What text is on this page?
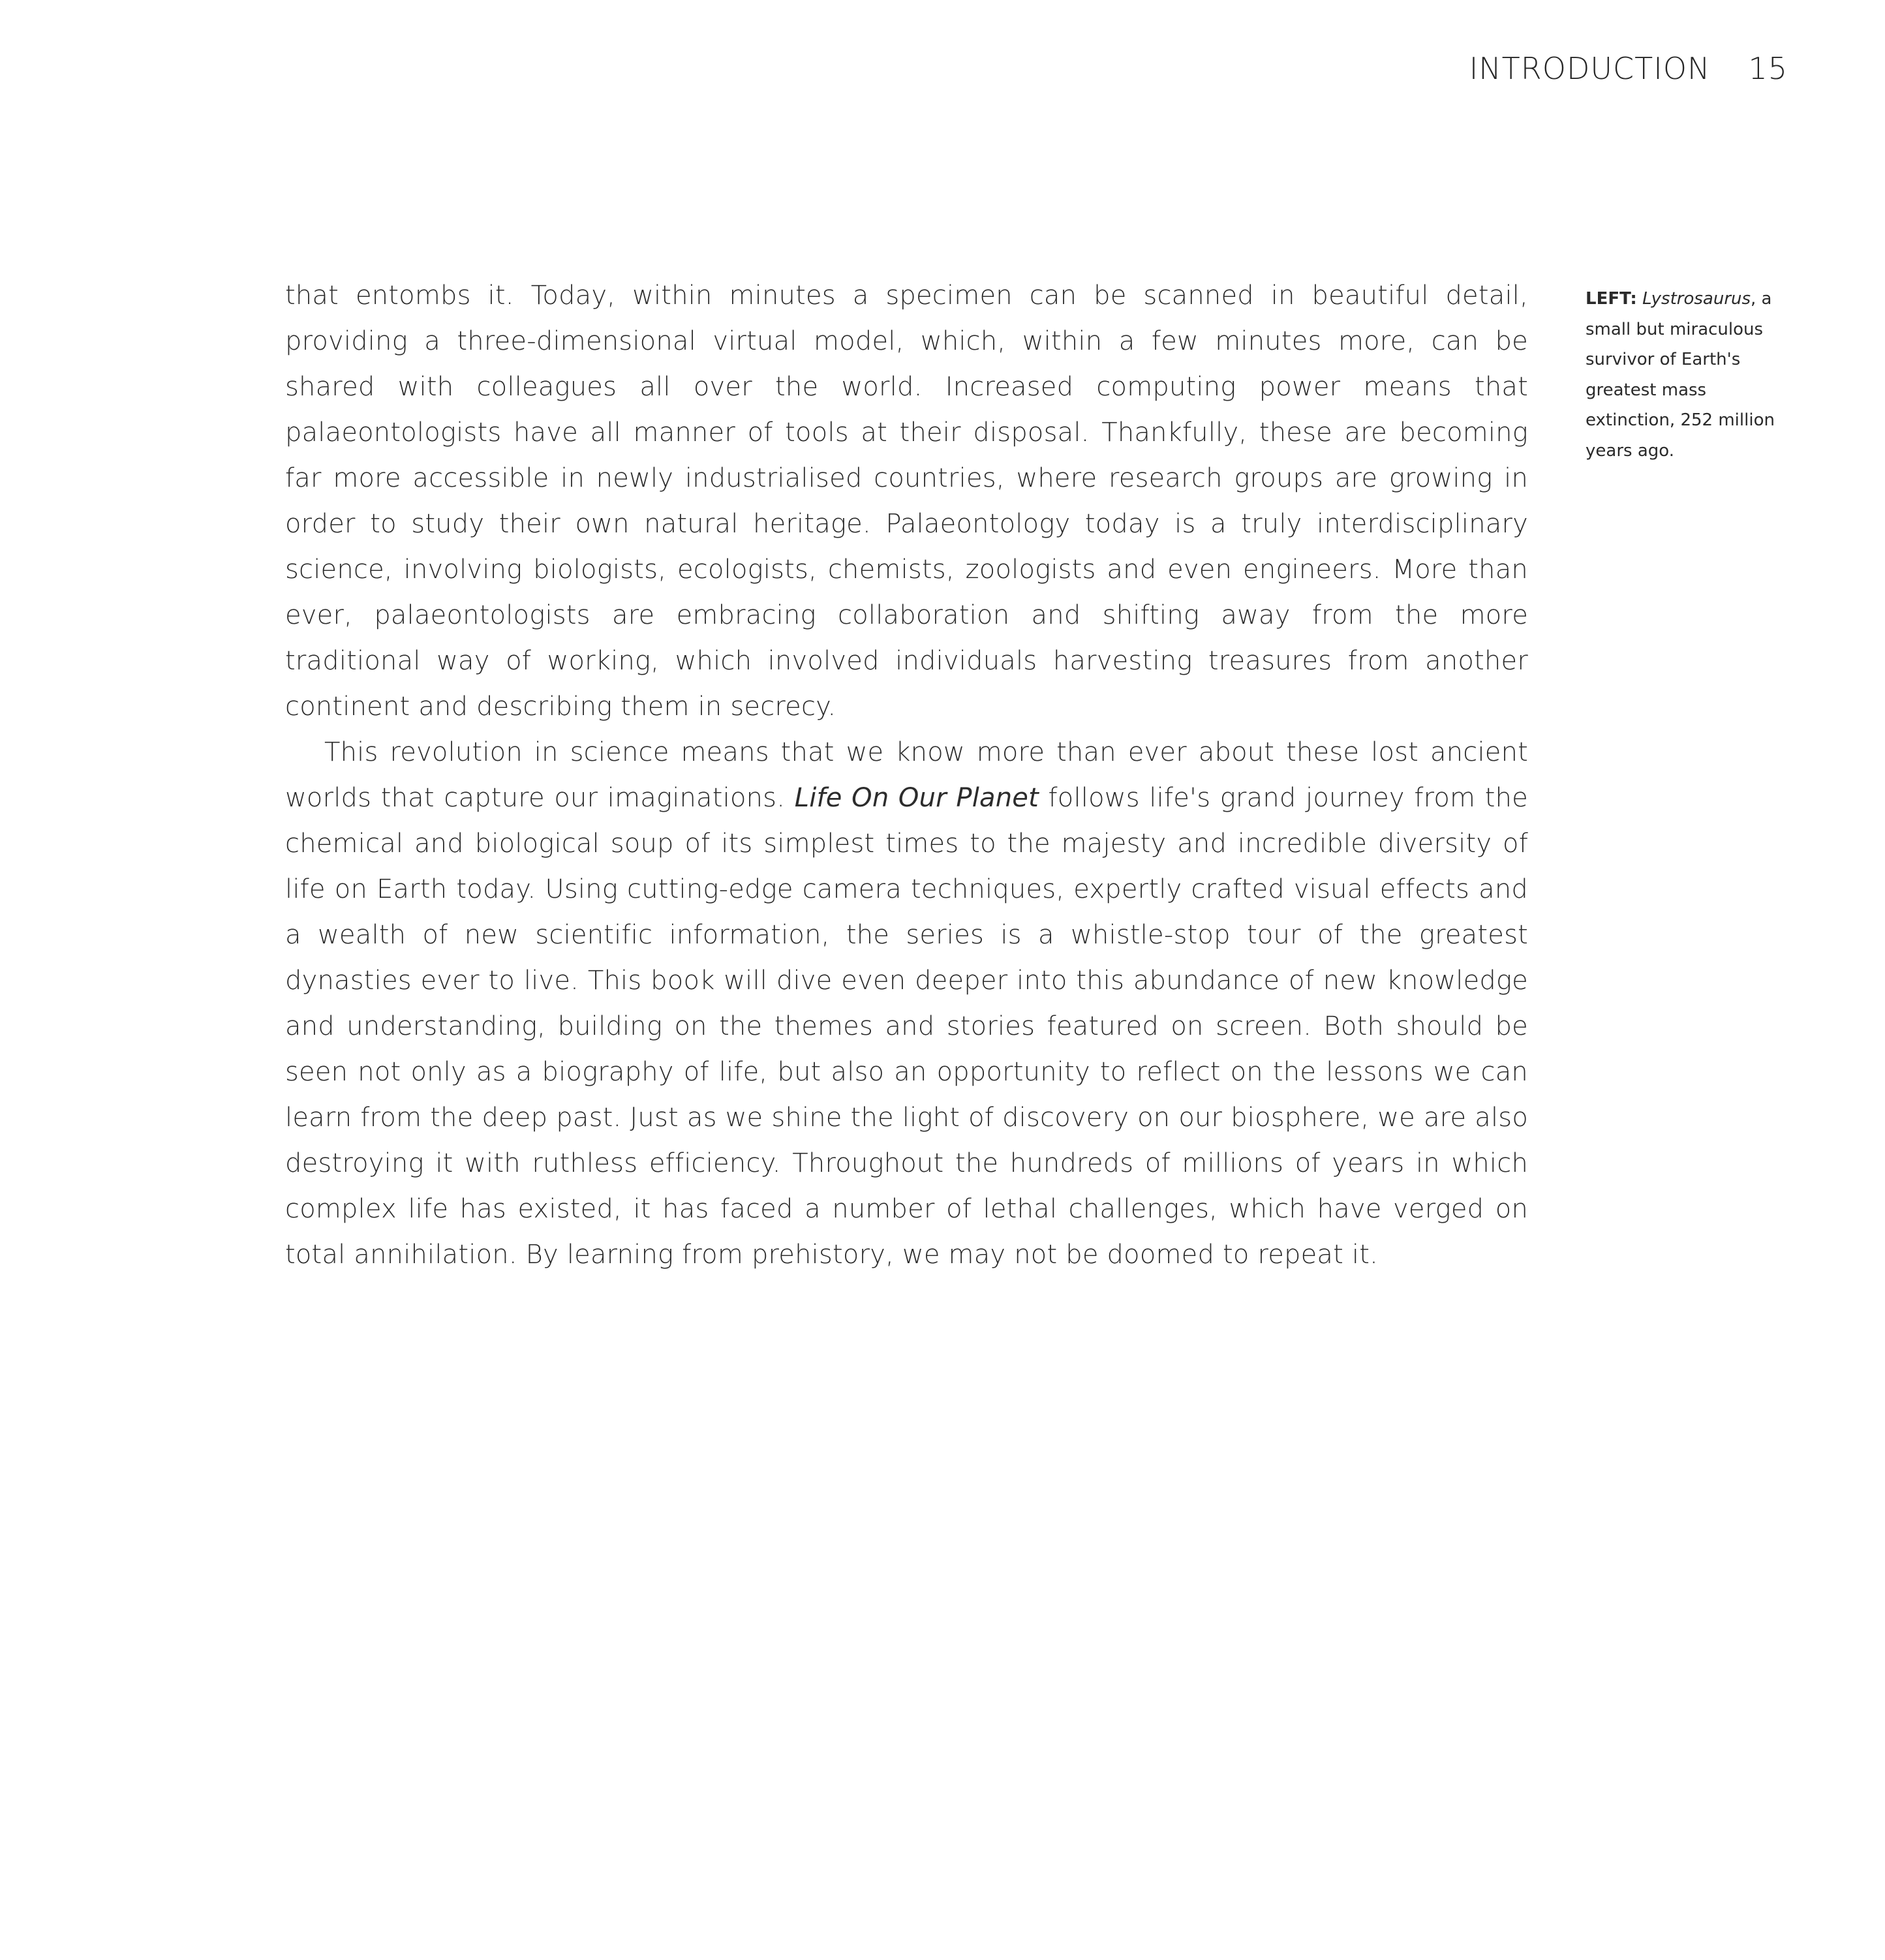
INTRODUCTION 15

that entombs it. Today, within minutes a specimen can be scanned in beautiful detail, providing a three-dimensional virtual model, which, within a few minutes more, can be shared with colleagues all over the world. Increased computing power means that palaeontologists have all manner of tools at their disposal. Thankfully, these are becoming far more accessible in newly industrialised countries, where research groups are growing in order to study their own natural heritage. Palaeontology today is a truly interdisciplinary science, involving biologists, ecologists, chemists, zoologists and even engineers. More than ever, palaeontologists are embracing collaboration and shifting away from the more traditional way of working, which involved individuals harvesting treasures from another continent and describing them in secrecy.

This revolution in science means that we know more than ever about these lost ancient worlds that capture our imaginations. Life On Our Planet follows life's grand journey from the chemical and biological soup of its simplest times to the majesty and incredible diversity of life on Earth today. Using cutting-edge camera techniques, expertly crafted visual effects and a wealth of new scientific information, the series is a whistle-stop tour of the greatest dynasties ever to live. This book will dive even deeper into this abundance of new knowledge and understanding, building on the themes and stories featured on screen. Both should be seen not only as a biography of life, but also an opportunity to reflect on the lessons we can learn from the deep past. Just as we shine the light of discovery on our biosphere, we are also destroying it with ruthless efficiency. Throughout the hundreds of millions of years in which complex life has existed, it has faced a number of lethal challenges, which have verged on total annihilation. By learning from prehistory, we may not be doomed to repeat it.

LEFT: Lystrosaurus, a small but miraculous survivor of Earth's greatest mass extinction, 252 million years ago.
